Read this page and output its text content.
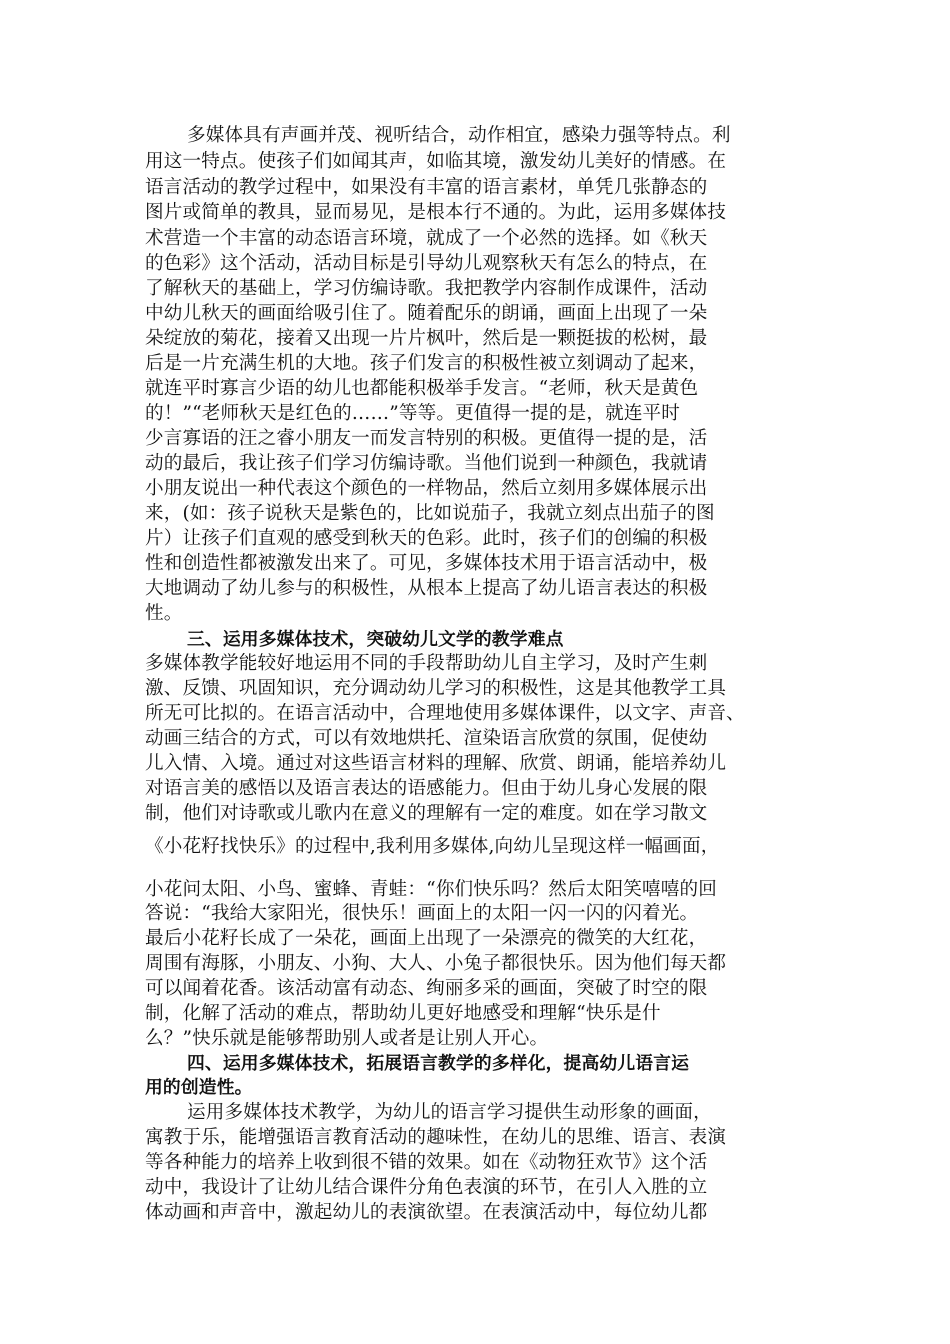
多媒体具有声画并茂、视听结合，动作相宜，感染力强等特点。利
用这一特点。使孩子们如闻其声，如临其境，激发幼儿美好的情感。在
语言活动的教学过程中，如果没有丰富的语言素材，单凭几张静态的
图片或简单的教具，显而易见，是根本行不通的。为此，运用多媒体技
术营造一个丰富的动态语言环境，就成了一个必然的选择。如《秋天
的色彩》这个活动，活动目标是引导幼儿观察秋天有怎么的特点，在
了解秋天的基础上，学习仿编诗歌。我把教学内容制作成课件，活动
中幼儿秋天的画面给吸引住了。随着配乐的朗诵，画面上出现了一朵
朵绽放的菊花，接着又出现一片片枫叶，然后是一颗挺拔的松树，最
后是一片充满生机的大地。孩子们发言的积极性被立刻调动了起来，
就连平时寡言少语的幼儿也都能积极举手发言。“老师，秋天是黄色
的！”“老师秋天是红色的……”等等。更值得一提的是，就连平时
少言寡语的汪之睿小朋友一而发言特别的积极。更值得一提的是，活
动的最后，我让孩子们学习仿编诗歌。当他们说到一种颜色，我就请
小朋友说出一种代表这个颜色的一样物品，然后立刻用多媒体展示出
来，(如：孩子说秋天是紫色的，比如说茄子，我就立刻点出茄子的图
片）让孩子们直观的感受到秋天的色彩。此时，孩子们的创编的积极
性和创造性都被激发出来了。可见，多媒体技术用于语言活动中，极
大地调动了幼儿参与的积极性，从根本上提高了幼儿语言表达的积极
性。
三、运用多媒体技术，突破幼儿文学的教学难点
多媒体教学能较好地运用不同的手段帮助幼儿自主学习，及时产生刺
激、反馈、巩固知识，充分调动幼儿学习的积极性，这是其他教学工具
所无可比拟的。在语言活动中，合理地使用多媒体课件，以文字、声音、
动画三结合的方式，可以有效地烘托、渲染语言欣赏的氛围，促使幼
儿入情、入境。通过对这些语言材料的理解、欣赏、朗诵，能培养幼儿
对语言美的感悟以及语言表达的语感能力。但由于幼儿身心发展的限
制，他们对诗歌或儿歌内在意义的理解有一定的难度。如在学习散文
《小花籽找快乐》的过程中,我利用多媒体,向幼儿呈现这样一幅画面，
小花问太阳、小鸟、蜜蜂、青蛙：“你们快乐吗？然后太阳笑嘻嘻的回
答说：“我给大家阳光，很快乐！画面上的太阳一闪一闪的闪着光。
最后小花籽长成了一朵花，画面上出现了一朵漂亮的微笑的大红花，
周围有海豚，小朋友、小狗、大人、小兔子都很快乐。因为他们每天都
可以闻着花香。该活动富有动态、绚丽多采的画面，突破了时空的限
制，化解了活动的难点，帮助幼儿更好地感受和理解“快乐是什
么？”快乐就是能够帮助别人或者是让别人开心。
四、运用多媒体技术，拓展语言教学的多样化，提高幼儿语言运
用的创造性。
运用多媒体技术教学，为幼儿的语言学习提供生动形象的画面，
寓教于乐，能增强语言教育活动的趣味性，在幼儿的思维、语言、表演
等各种能力的培养上收到很不错的效果。如在《动物狂欢节》这个活
动中，我设计了让幼儿结合课件分角色表演的环节，在引人入胜的立
体动画和声音中，激起幼儿的表演欲望。在表演活动中，每位幼儿都
